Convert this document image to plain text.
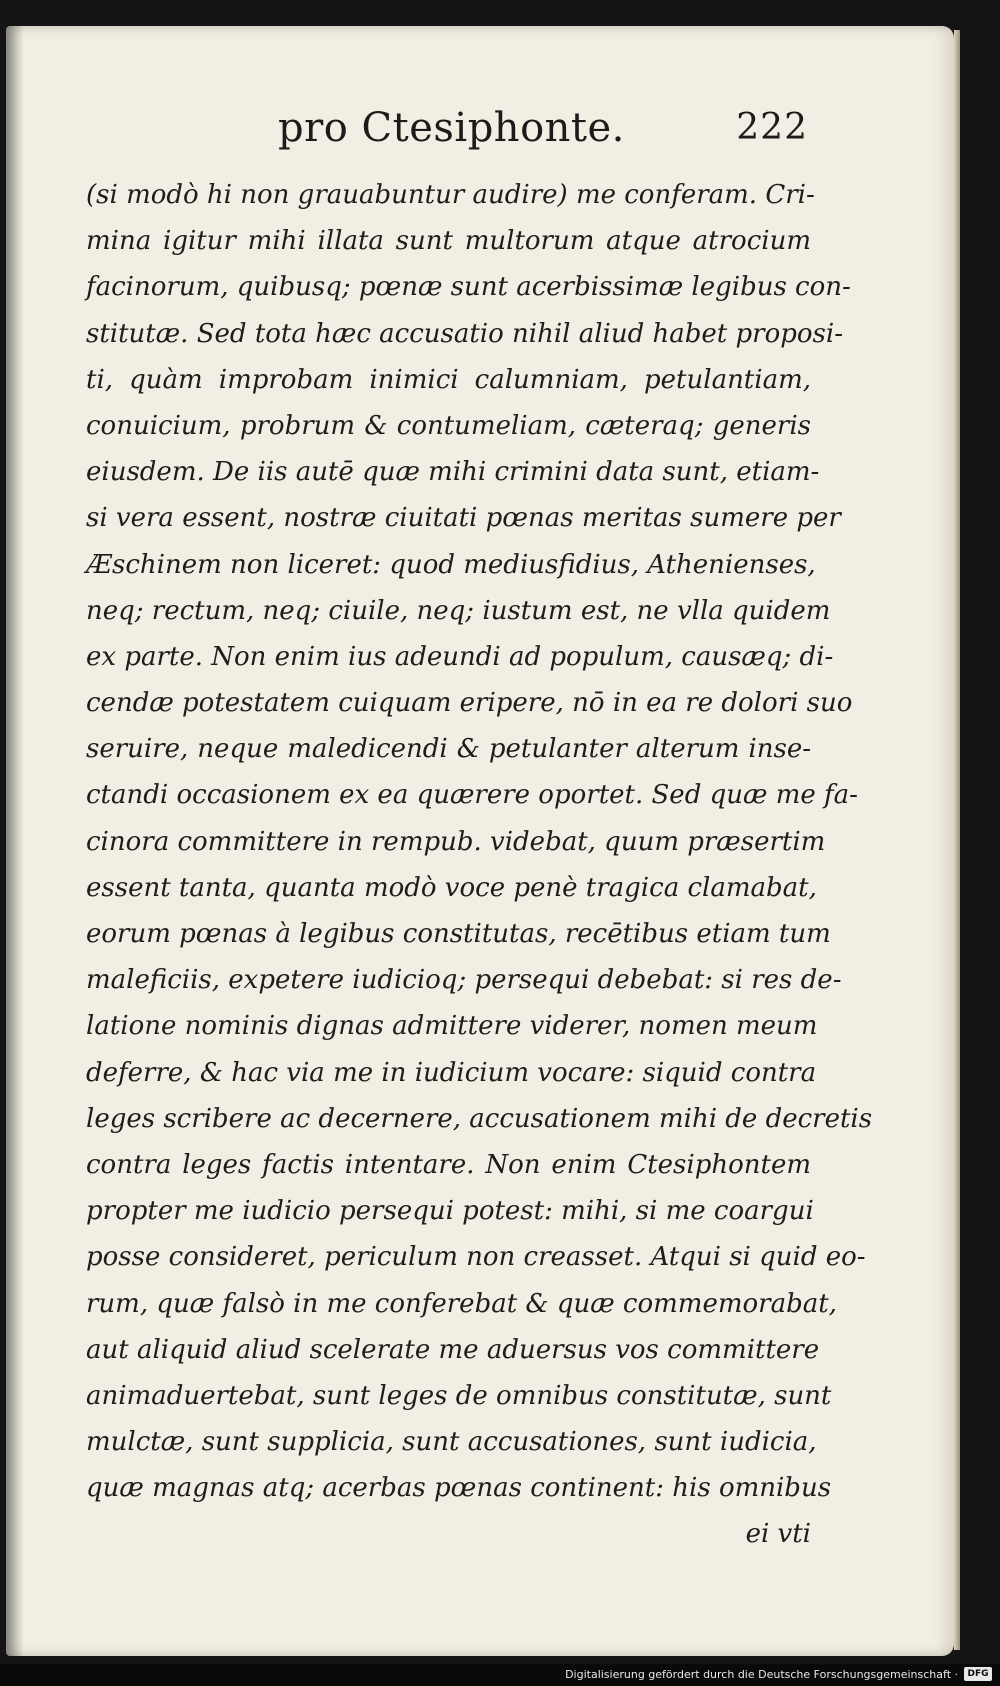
pro Ctesiphonte.	222
(si modò hi non grauabuntur audire) me conferam. Cri-
mina igitur mihi illata sunt multorum atque atrocium
facinorum, quibusq; pœnæ sunt acerbissimæ legibus con-
stitutæ. Sed tota hæc accusatio nihil aliud habet proposi-
ti, quàm improbam inimici calumniam, petulantiam,
conuicium, probrum & contumeliam, cæteraq; generis
eiusdem. De iis autē quæ mihi crimini data sunt, etiam-
si vera essent, nostræ ciuitati pœnas meritas sumere per
Æschinem non liceret: quod mediusfidius, Athenienses,
neq; rectum, neq; ciuile, neq; iustum est, ne vlla quidem
ex parte. Non enim ius adeundi ad populum, causæq; di-
cendæ potestatem cuiquam eripere, nō in ea re dolori suo
seruire, neque maledicendi & petulanter alterum inse-
ctandi occasionem ex ea quærere oportet. Sed quæ me fa-
cinora committere in rempub. videbat, quum præsertim
essent tanta, quanta modò voce penè tragica clamabat,
eorum pœnas à legibus constitutas, recētibus etiam tum
maleficiis, expetere iudicioq; persequi debebat: si res de-
latione nominis dignas admittere viderer, nomen meum
deferre, & hac via me in iudicium vocare: siquid contra
leges scribere ac decernere, accusationem mihi de decretis
contra leges factis intentare. Non enim Ctesiphontem
propter me iudicio persequi potest: mihi, si me coargui
posse consideret, periculum non creasset. Atqui si quid eo-
rum, quæ falsò in me conferebat & quæ commemorabat,
aut aliquid aliud scelerate me aduersus vos committere
animaduertebat, sunt leges de omnibus constitutæ, sunt
mulctæ, sunt supplicia, sunt accusationes, sunt iudicia,
quæ magnas atq; acerbas pœnas continent: his omnibus
ei vti
Digitalisierung gefördert durch die Deutsche Forschungsgemeinschaft ·	DFG
